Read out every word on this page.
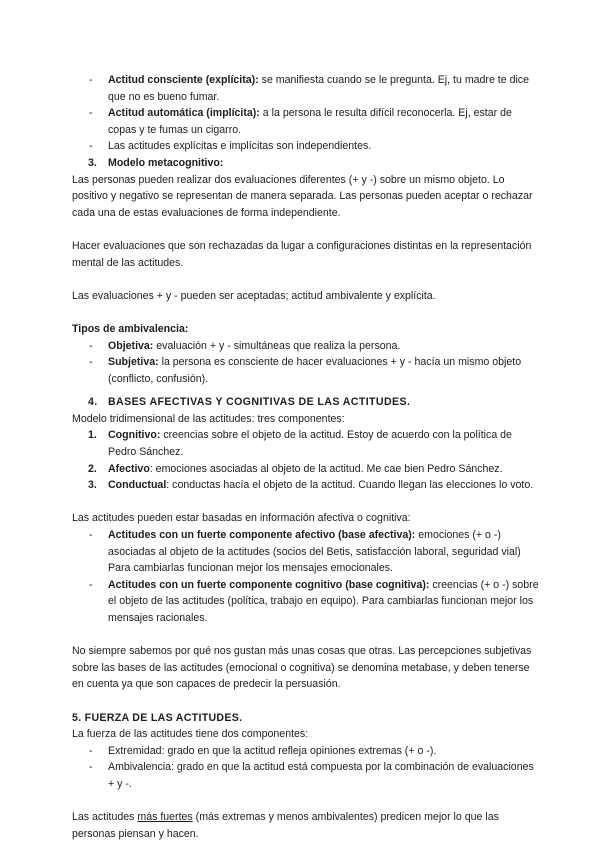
- Actitud consciente (explícita): se manifiesta cuando se le pregunta. Ej, tu madre te dice que no es bueno fumar.
- Actitud automática (implícita): a la persona le resulta difícil reconocerla. Ej, estar de copas y te fumas un cigarro.
- Las actitudes explícitas e implícitas son independientes.
3. Modelo metacognitivo:

Las personas pueden realizar dos evaluaciones diferentes (+ y -) sobre un mismo objeto. Lo positivo y negativo se representan de manera separada. Las personas pueden aceptar o rechazar cada una de estas evaluaciones de forma independiente.

Hacer evaluaciones que son rechazadas da lugar a configuraciones distintas en la representación mental de las actitudes.

Las evaluaciones + y - pueden ser aceptadas; actitud ambivalente y explícita.

Tipos de ambivalencia:

- Objetiva: evaluación + y - simultáneas que realiza la persona.
- Subjetiva: la persona es consciente de hacer evaluaciones + y - hacía un mismo objeto (conflicto, confusión).
4. BASES AFECTIVAS Y COGNITIVAS DE LAS ACTITUDES.

Modelo tridimensional de las actitudes: tres componentes:

1. Cognitivo: creencias sobre el objeto de la actitud. Estoy de acuerdo con la política de Pedro Sánchez.
2. Afectivo: emociones asociadas al objeto de la actitud. Me cae bien Pedro Sánchez.
3. Conductual: conductas hacía el objeto de la actitud. Cuando llegan las elecciones lo voto.

Las actitudes pueden estar basadas en información afectiva o cognitiva:

- Actitudes con un fuerte componente afectivo (base afectiva): emociones (+ o -) asociadas al objeto de la actitudes (socios del Betis, satisfacción laboral, seguridad vial) Para cambiarlas funcionan mejor los mensajes emocionales.
- Actitudes con un fuerte componente cognitivo (base cognitiva): creencias (+ o -) sobre el objeto de las actitudes (política, trabajo en equipo). Para cambiarlas funcionan mejor los mensajes racionales.

No siempre sabemos por qué nos gustan más unas cosas que otras. Las percepciones subjetivas sobre las bases de las actitudes (emocional o cognitiva) se denomina metabase, y deben tenerse en cuenta ya que son capaces de predecir la persuasión.

5. FUERZA DE LAS ACTITUDES.

La fuerza de las actitudes tiene dos componentes:

- Extremidad: grado en que la actitud refleja opiniones extremas (+ o -).
- Ambivalencia: grado en que la actitud está compuesta por la combinación de evaluaciones + y -.

Las actitudes más fuertes (más extremas y menos ambivalentes) predicen mejor lo que las personas piensan y hacen.
